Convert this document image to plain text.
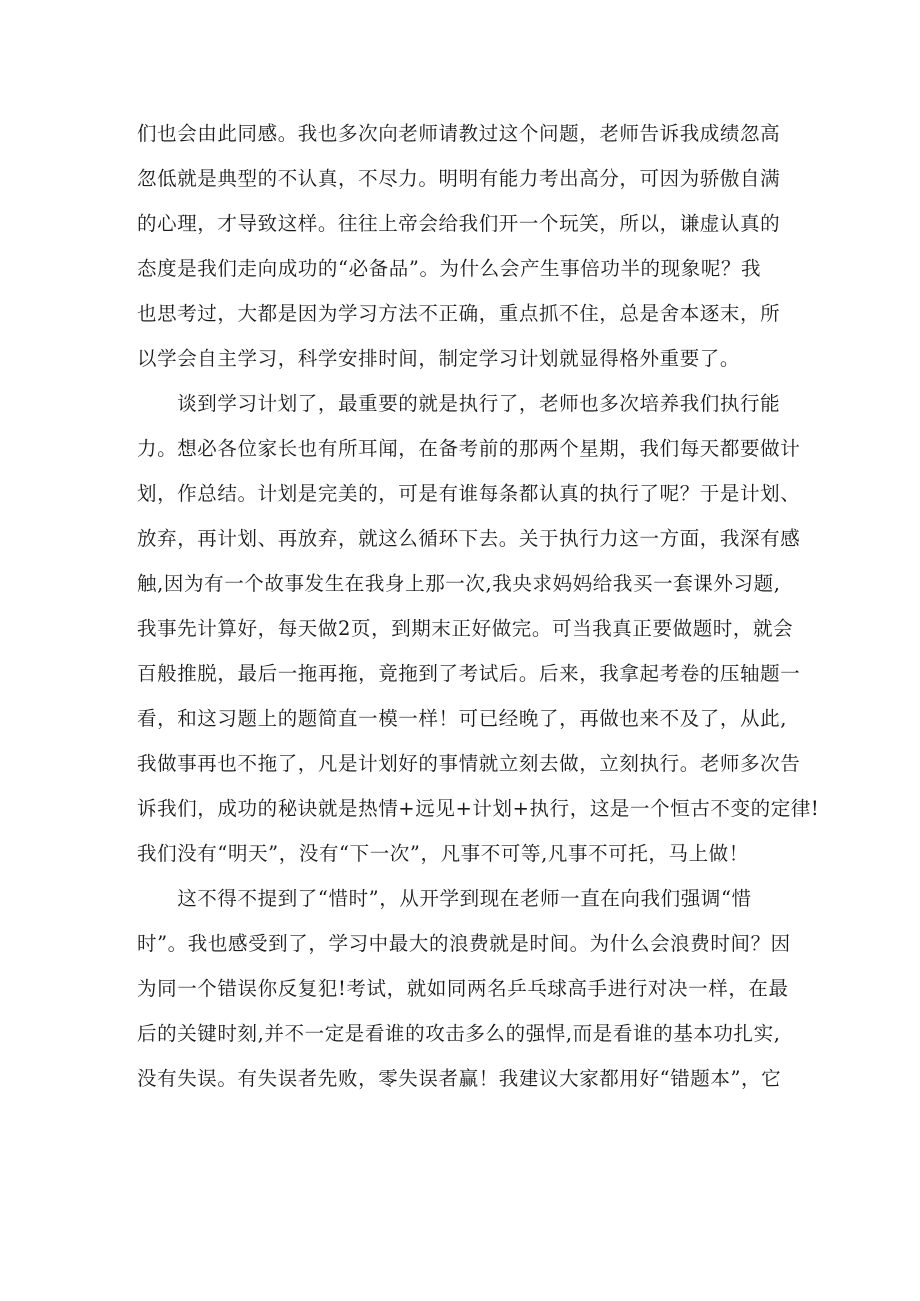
们也会由此同感。我也多次向老师请教过这个问题，老师告诉我成绩忽高
忽低就是典型的不认真，不尽力。明明有能力考出高分，可因为骄傲自满
的心理，才导致这样。往往上帝会给我们开一个玩笑，所以，谦虚认真的
态度是我们走向成功的“必备品”。为什么会产生事倍功半的现象呢？我
也思考过，大都是因为学习方法不正确，重点抓不住，总是舍本逐末，所
以学会自主学习，科学安排时间，制定学习计划就显得格外重要了。
　　谈到学习计划了，最重要的就是执行了，老师也多次培养我们执行能
力。想必各位家长也有所耳闻，在备考前的那两个星期，我们每天都要做计
划，作总结。计划是完美的，可是有谁每条都认真的执行了呢？于是计划、
放弃，再计划、再放弃，就这么循环下去。关于执行力这一方面，我深有感
触,因为有一个故事发生在我身上那一次,我央求妈妈给我买一套课外习题,
我事先计算好，每天做2页，到期末正好做完。可当我真正要做题时，就会
百般推脱，最后一拖再拖，竟拖到了考试后。后来，我拿起考卷的压轴题一
看，和这习题上的题简直一模一样！可已经晚了，再做也来不及了，从此,
我做事再也不拖了，凡是计划好的事情就立刻去做，立刻执行。老师多次告
诉我们，成功的秘诀就是热情+远见+计划+执行，这是一个恒古不变的定律!
我们没有“明天”，没有“下一次”，凡事不可等,凡事不可托，马上做！
　　这不得不提到了“惜时”，从开学到现在老师一直在向我们强调“惜
时”。我也感受到了，学习中最大的浪费就是时间。为什么会浪费时间？因
为同一个错误你反复犯!考试，就如同两名乒乓球高手进行对决一样，在最
后的关键时刻,并不一定是看谁的攻击多么的强悍,而是看谁的基本功扎实,
没有失误。有失误者先败，零失误者赢！我建议大家都用好“错题本”，它
